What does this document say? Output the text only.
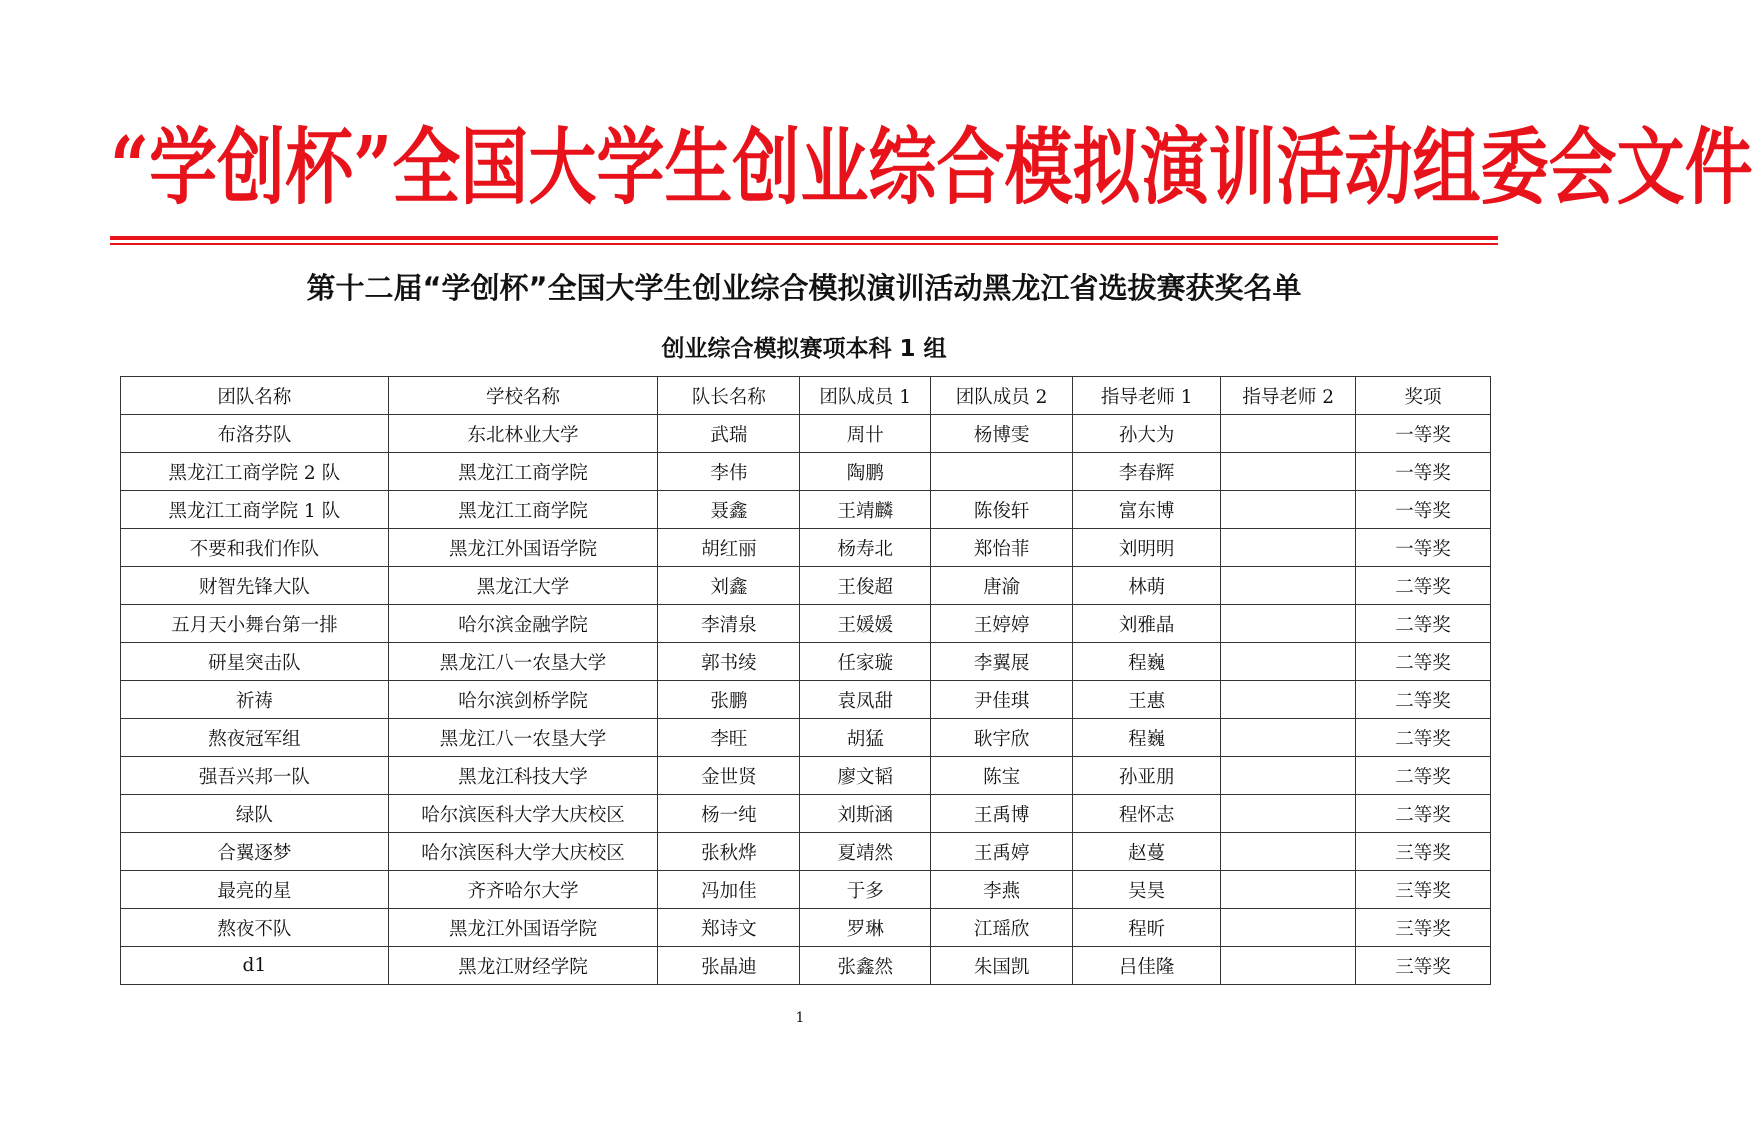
“ 学 创 杯 ” 全 国 大 学 生 创 业 综 合 模 拟 演 训 活 动 组 委 会 文 件
第十二届“学创杯”全国大学生创业综合模拟演训活动黑龙江省选拔赛获奖名单
创业综合模拟赛项本科 1 组
团队名称	学校名称	队长名称	团队成员 1	团队成员 2	指导老师 1	指导老师 2	奖项
布洛芬队	东北林业大学	武瑞	周卄	杨博雯	孙大为		一等奖
黑龙江工商学院 2 队	黑龙江工商学院	李伟	陶鹏		李春辉		一等奖
黑龙江工商学院 1 队	黑龙江工商学院	聂鑫	王靖麟	陈俊轩	富东博		一等奖
不要和我们作队	黑龙江外国语学院	胡红丽	杨寿北	郑怡菲	刘明明		一等奖
财智先锋大队	黑龙江大学	刘鑫	王俊超	唐渝	林萌		二等奖
五月天小舞台第一排	哈尔滨金融学院	李清泉	王媛媛	王婷婷	刘雅晶		二等奖
研星突击队	黑龙江八一农垦大学	郭书绫	任家璇	李翼展	程巍		二等奖
祈祷	哈尔滨剑桥学院	张鹏	袁凤甜	尹佳琪	王惠		二等奖
熬夜冠军组	黑龙江八一农垦大学	李旺	胡猛	耿宇欣	程巍		二等奖
强吾兴邦一队	黑龙江科技大学	金世贤	廖文韬	陈宝	孙亚朋		二等奖
绿队	哈尔滨医科大学大庆校区	杨一纯	刘斯涵	王禹博	程怀志		二等奖
合翼逐梦	哈尔滨医科大学大庆校区	张秋烨	夏靖然	王禹婷	赵蔓		三等奖
最亮的星	齐齐哈尔大学	冯加佳	于多	李燕	吴昊		三等奖
熬夜不队	黑龙江外国语学院	郑诗文	罗琳	江瑶欣	程昕		三等奖
d1	黑龙江财经学院	张晶迪	张鑫然	朱国凯	吕佳隆		三等奖
1
